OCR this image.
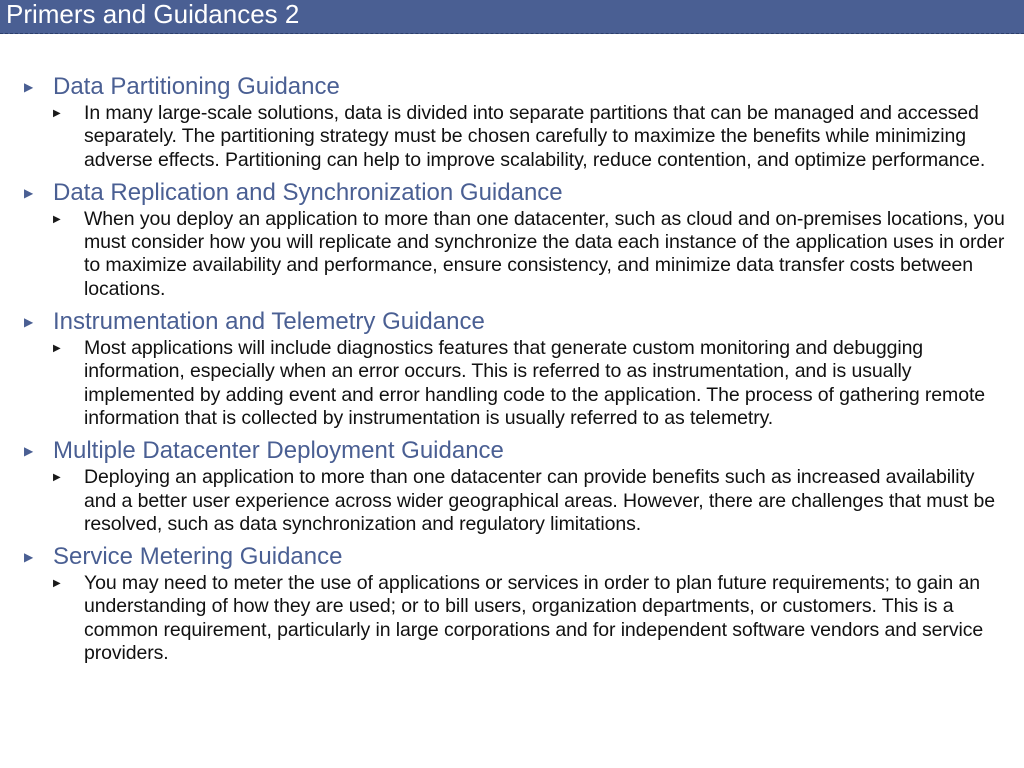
Primers and Guidances 2
▶ Data Partitioning Guidance
▶	In many large-scale solutions, data is divided into separate partitions that can be managed and accessed separately. The partitioning strategy must be chosen carefully to maximize the benefits while minimizing adverse effects. Partitioning can help to improve scalability, reduce contention, and optimize performance.
▶ Data Replication and Synchronization Guidance
▶	When you deploy an application to more than one datacenter, such as cloud and on-premises locations, you must consider how you will replicate and synchronize the data each instance of the application uses in order to maximize availability and performance, ensure consistency, and minimize data transfer costs between locations.
▶ Instrumentation and Telemetry Guidance
▶	Most applications will include diagnostics features that generate custom monitoring and debugging information, especially when an error occurs. This is referred to as instrumentation, and is usually implemented by adding event and error handling code to the application. The process of gathering remote information that is collected by instrumentation is usually referred to as telemetry.
▶ Multiple Datacenter Deployment Guidance
▶	Deploying an application to more than one datacenter can provide benefits such as increased availability and a better user experience across wider geographical areas. However, there are challenges that must be resolved, such as data synchronization and regulatory limitations.
▶ Service Metering Guidance
▶	You may need to meter the use of applications or services in order to plan future requirements; to gain an understanding of how they are used; or to bill users, organization departments, or customers. This is a common requirement, particularly in large corporations and for independent software vendors and service providers.
